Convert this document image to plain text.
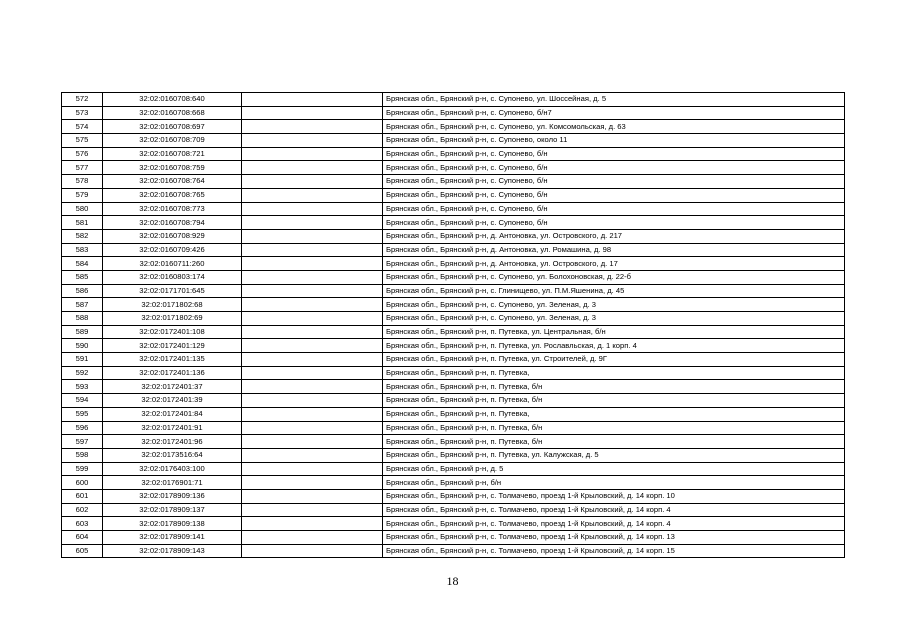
572	32:02:0160708:640		Брянская обл., Брянский р-н, с. Супонево, ул. Шоссейная, д. 5
573	32:02:0160708:668		Брянская обл., Брянский р-н, с. Супонево, б/н7
574	32:02:0160708:697		Брянская обл., Брянский р-н, с. Супонево, ул. Комсомольская, д. 63
575	32:02:0160708:709		Брянская обл., Брянский р-н, с. Супонево, около 11
576	32:02:0160708:721		Брянская обл., Брянский р-н, с. Супонево, б/н
577	32:02:0160708:759		Брянская обл., Брянский р-н, с. Супонево, б/н
578	32:02:0160708:764		Брянская обл., Брянский р-н, с. Супонево, б/н
579	32:02:0160708:765		Брянская обл., Брянский р-н, с. Супонево, б/н
580	32:02:0160708:773		Брянская обл., Брянский р-н, с. Супонево, б/н
581	32:02:0160708:794		Брянская обл., Брянский р-н, с. Супонево, б/н
582	32:02:0160708:929		Брянская обл., Брянский р-н, д. Антоновка, ул. Островского, д. 217
583	32:02:0160709:426		Брянская обл., Брянский р-н, д. Антоновка, ул. Ромашина, д. 98
584	32:02:0160711:260		Брянская обл., Брянский р-н, д. Антоновка, ул. Островского, д. 17
585	32:02:0160803:174		Брянская обл., Брянский р-н, с. Супонево, ул. Болохоновская, д. 22-б
586	32:02:0171701:645		Брянская обл., Брянский р-н, с. Глинищево, ул. П.М.Яшенина, д. 45
587	32:02:0171802:68		Брянская обл., Брянский р-н, с. Супонево, ул. Зеленая, д. 3
588	32:02:0171802:69		Брянская обл., Брянский р-н, с. Супонево, ул. Зеленая, д. 3
589	32:02:0172401:108		Брянская обл., Брянский р-н, п. Путевка, ул. Центральная, б/н
590	32:02:0172401:129		Брянская обл., Брянский р-н, п. Путевка, ул. Рославльская, д. 1 корп. 4
591	32:02:0172401:135		Брянская обл., Брянский р-н, п. Путевка, ул. Строителей, д. 9Г
592	32:02:0172401:136		Брянская обл., Брянский р-н, п. Путевка,
593	32:02:0172401:37		Брянская обл., Брянский р-н, п. Путевка, б/н
594	32:02:0172401:39		Брянская обл., Брянский р-н, п. Путевка, б/н
595	32:02:0172401:84		Брянская обл., Брянский р-н, п. Путевка,
596	32:02:0172401:91		Брянская обл., Брянский р-н, п. Путевка, б/н
597	32:02:0172401:96		Брянская обл., Брянский р-н, п. Путевка, б/н
598	32:02:0173516:64		Брянская обл., Брянский р-н, п. Путевка, ул. Калужская, д. 5
599	32:02:0176403:100		Брянская обл., Брянский р-н, д. 5
600	32:02:0176901:71		Брянская обл., Брянский р-н, б/н
601	32:02:0178909:136		Брянская обл., Брянский р-н, с. Толмачево, проезд 1-й Крыловский, д. 14 корп. 10
602	32:02:0178909:137		Брянская обл., Брянский р-н, с. Толмачево, проезд 1-й Крыловский, д. 14 корп. 4
603	32:02:0178909:138		Брянская обл., Брянский р-н, с. Толмачево, проезд 1-й Крыловский, д. 14 корп. 4
604	32:02:0178909:141		Брянская обл., Брянский р-н, с. Толмачево, проезд 1-й Крыловский, д. 14 корп. 13
605	32:02:0178909:143		Брянская обл., Брянский р-н, с. Толмачево, проезд 1-й Крыловский, д. 14 корп. 15
18
